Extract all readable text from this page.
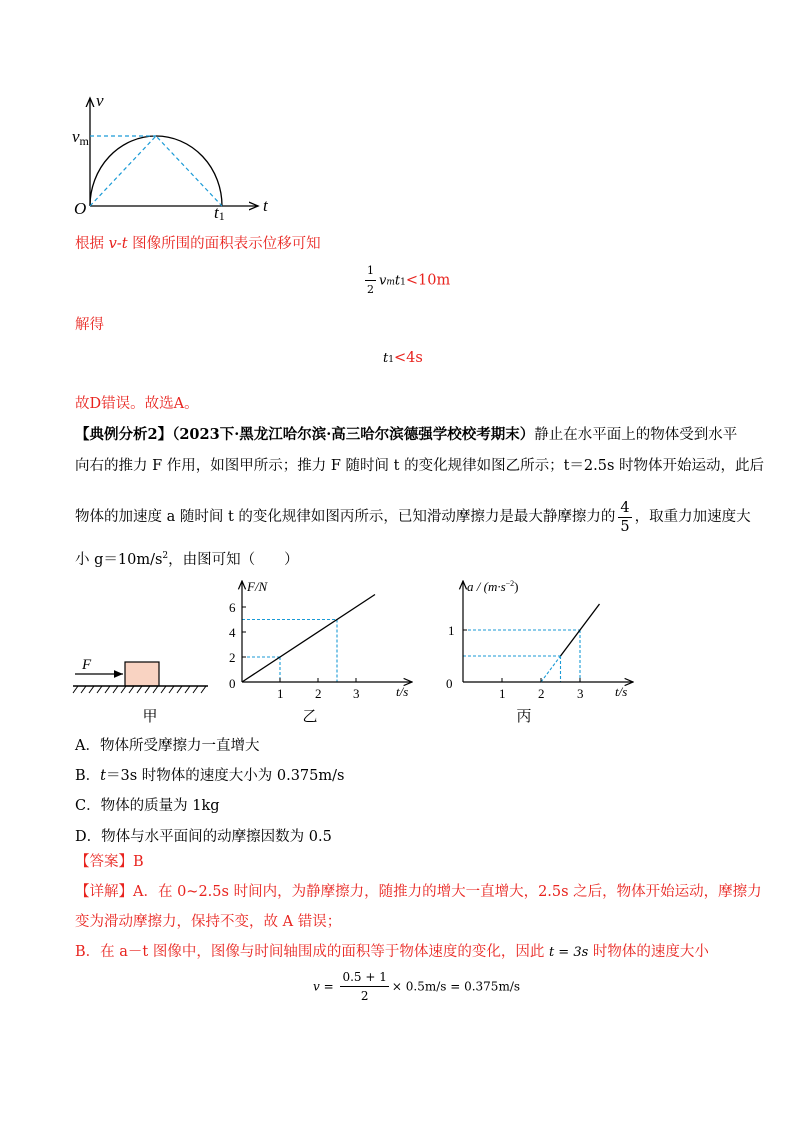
v
vm
O	t1
t
根据 v-t 图像所围的面积表示位移可知
$\frac{1}{2} vmt1<10m$
解得
t1<4s
故D错误。故选A。
【典例分析2】（2023下·黑龙江哈尔滨·高三哈尔滨德强学校校考期末）静止在水平面上的物体受到水平
向右的推力 F 作用，如图甲所示；推力 F 随时间 t 的变化规律如图乙所示；t＝2.5s 时物体开始运动，此后
物体的加速度 a 随时间 t 的变化规律如图丙所示，已知滑动摩擦力是最大静摩擦力的 $\frac{4}{5}$ ，取重力加速度大
小 $g=10m/s^2$，由图可知（　　）
F
甲
1 2 3
2
4
6
F/N
t/s
0
乙
1	2	3
1
$a / (m\cdot s^{-2})$
t/s
0
丙
A．物体所受摩擦力一直增大
B．t＝3s 时物体的速度大小为 0.375m/s
C．物体的质量为 1kg
D．物体与水平面间的动摩擦因数为 0.5
【答案】B
【详解】A．在 0~2.5s 时间内，为静摩擦力，随推力的增大一直增大，2.5s 之后，物体开始运动，摩擦力
变为滑动摩擦力，保持不变，故 A 错误；
B．在 a－t 图像中，图像与时间轴围成的面积等于物体速度的变化，因此 t = 3s 时物体的速度大小
$v = \frac{0.5 + 1}{2} \times 0.5m/s = 0.375m/s$
